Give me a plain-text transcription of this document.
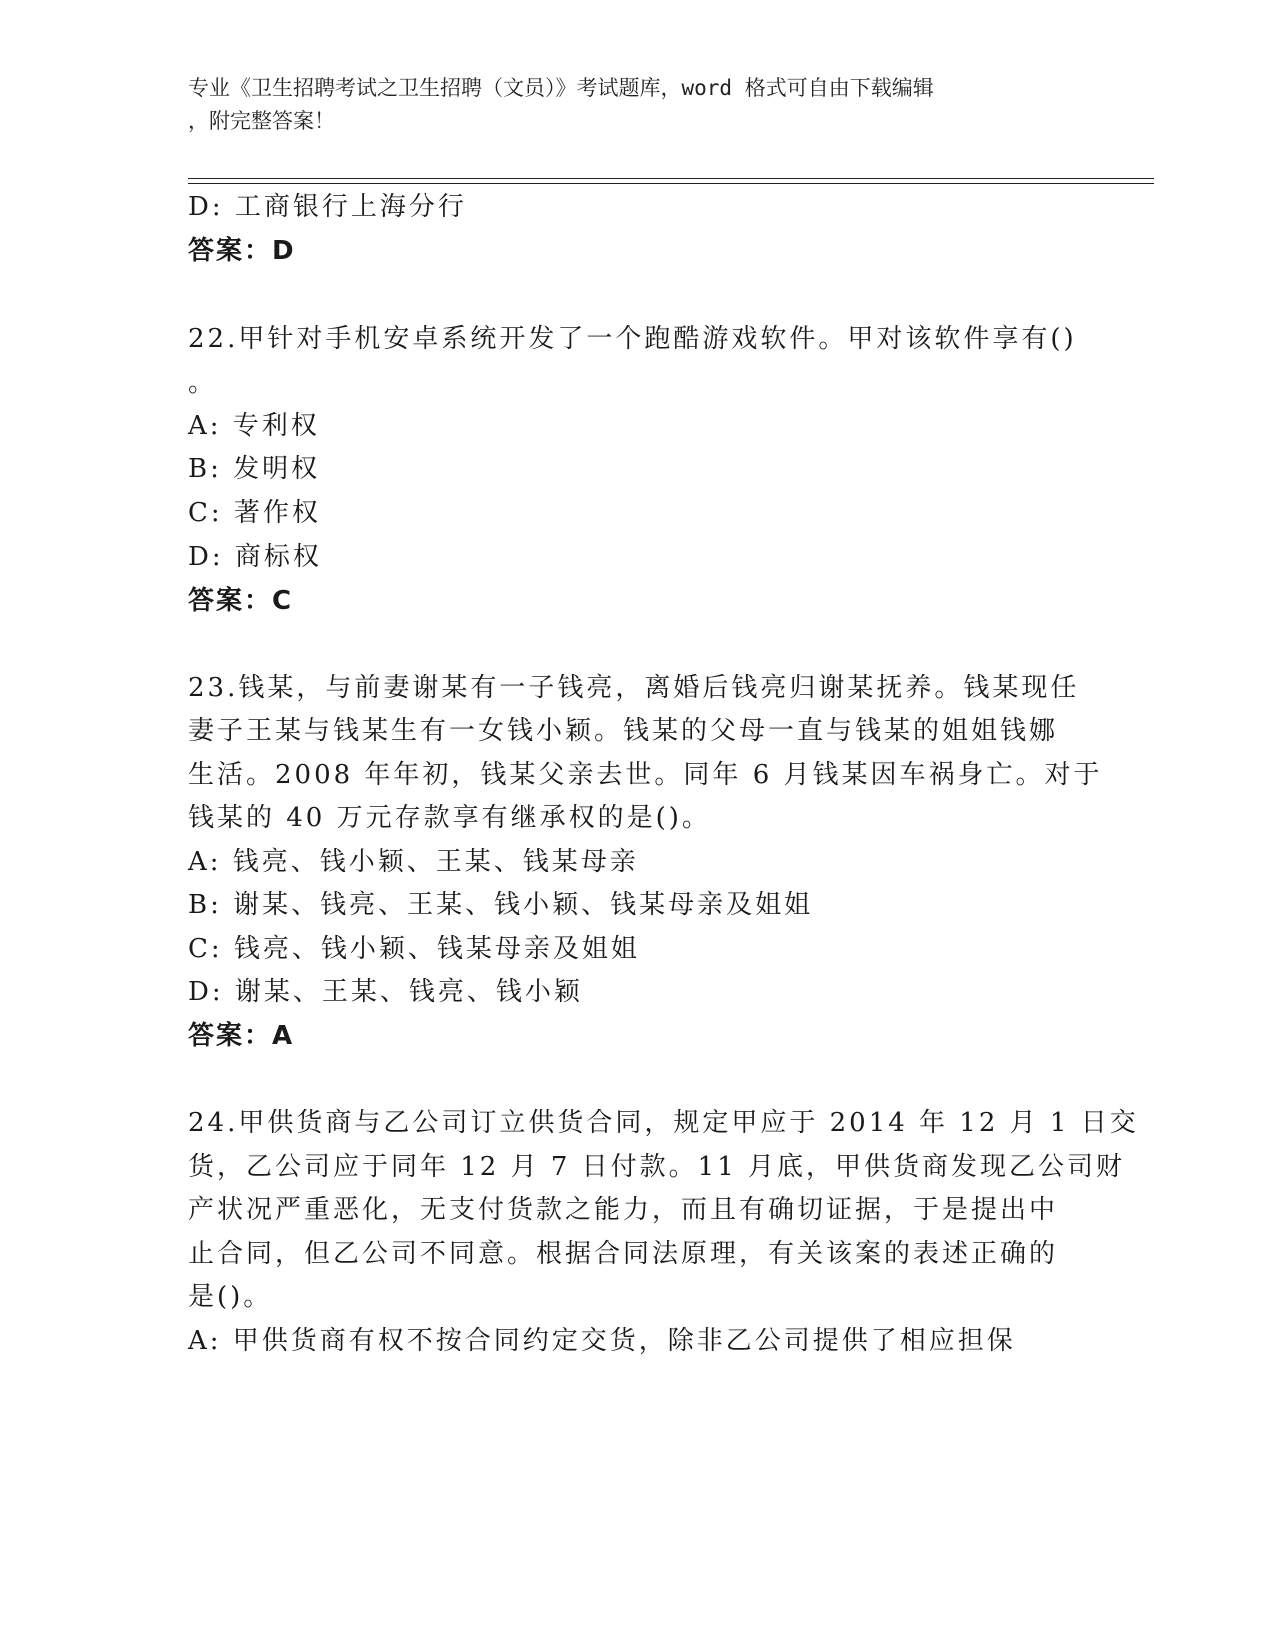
专业《卫生招聘考试之卫生招聘（文员）》考试题库，word 格式可自由下载编辑
，附完整答案！
D: 工商银行上海分行
答案：D
22.甲针对手机安卓系统开发了一个跑酷游戏软件。甲对该软件享有()
。
A: 专利权
B: 发明权
C: 著作权
D: 商标权
答案：C
23.钱某，与前妻谢某有一子钱亮，离婚后钱亮归谢某抚养。钱某现任
妻子王某与钱某生有一女钱小颖。钱某的父母一直与钱某的姐姐钱娜
生活。2008 年年初，钱某父亲去世。同年 6 月钱某因车祸身亡。对于
钱某的 40 万元存款享有继承权的是()。
A: 钱亮、钱小颖、王某、钱某母亲
B: 谢某、钱亮、王某、钱小颖、钱某母亲及姐姐
C: 钱亮、钱小颖、钱某母亲及姐姐
D: 谢某、王某、钱亮、钱小颖
答案：A
24.甲供货商与乙公司订立供货合同，规定甲应于 2014 年 12 月 1 日交
货，乙公司应于同年 12 月 7 日付款。11 月底，甲供货商发现乙公司财
产状况严重恶化，无支付货款之能力，而且有确切证据，于是提出中
止合同，但乙公司不同意。根据合同法原理，有关该案的表述正确的
是()。
A: 甲供货商有权不按合同约定交货，除非乙公司提供了相应担保
